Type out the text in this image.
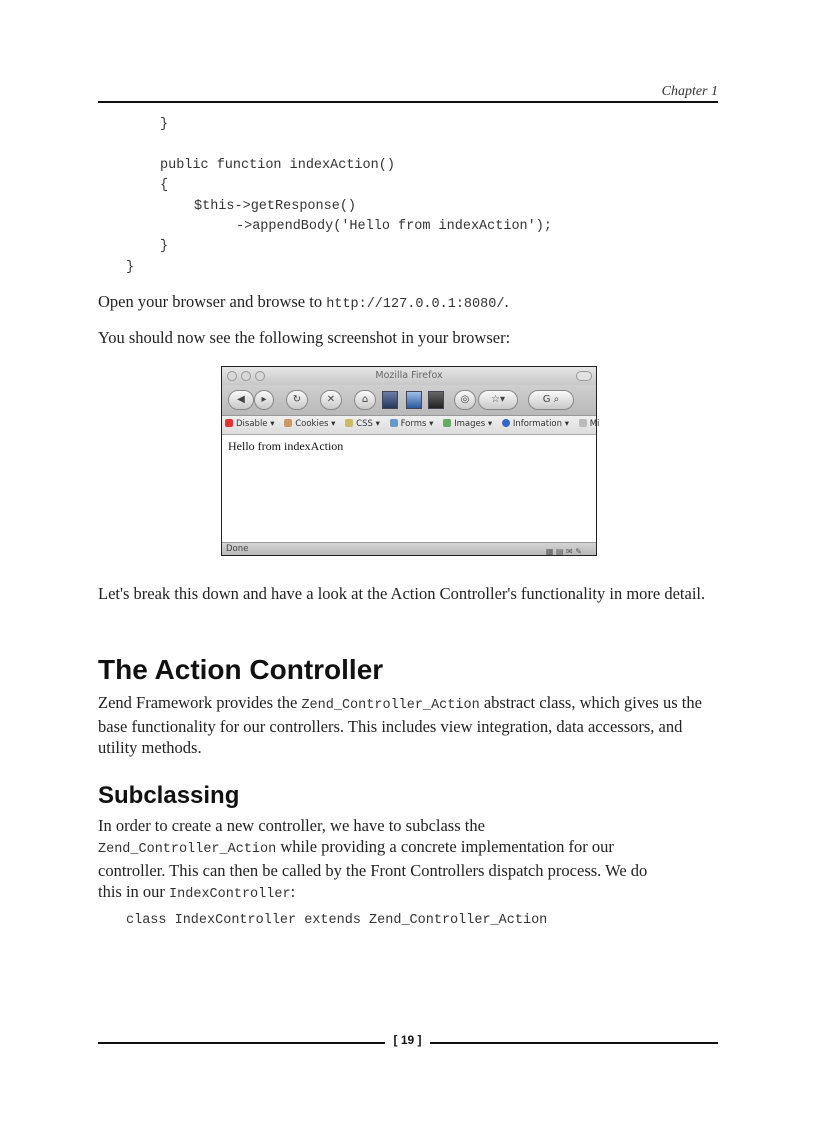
Chapter 1
}
public function indexAction()
{
$this->getResponse()
->appendBody('Hello from indexAction');
}
}
Open your browser and browse to http://127.0.0.1:8080/.
You should now see the following screenshot in your browser:
Mozilla Firefox
◀	▸	↻	✕	⌂	◎	☆▾	G ⌕
Disable ▾ Cookies ▾ CSS ▾ Forms ▾ Images ▾ Information ▾ Mi
Hello from indexAction
Done	▦ ▤ ✉ ✎
Let's break this down and have a look at the Action Controller's functionality in more detail.
The Action Controller
Zend Framework provides the Zend_Controller_Action abstract class, which gives us the base functionality for our controllers. This includes view integration, data accessors, and utility methods.
Subclassing
In order to create a new controller, we have to subclass the Zend_Controller_Action while providing a concrete implementation for our controller. This can then be called by the Front Controllers dispatch process. We do this in our IndexController:
class IndexController extends Zend_Controller_Action
[ 19 ]
